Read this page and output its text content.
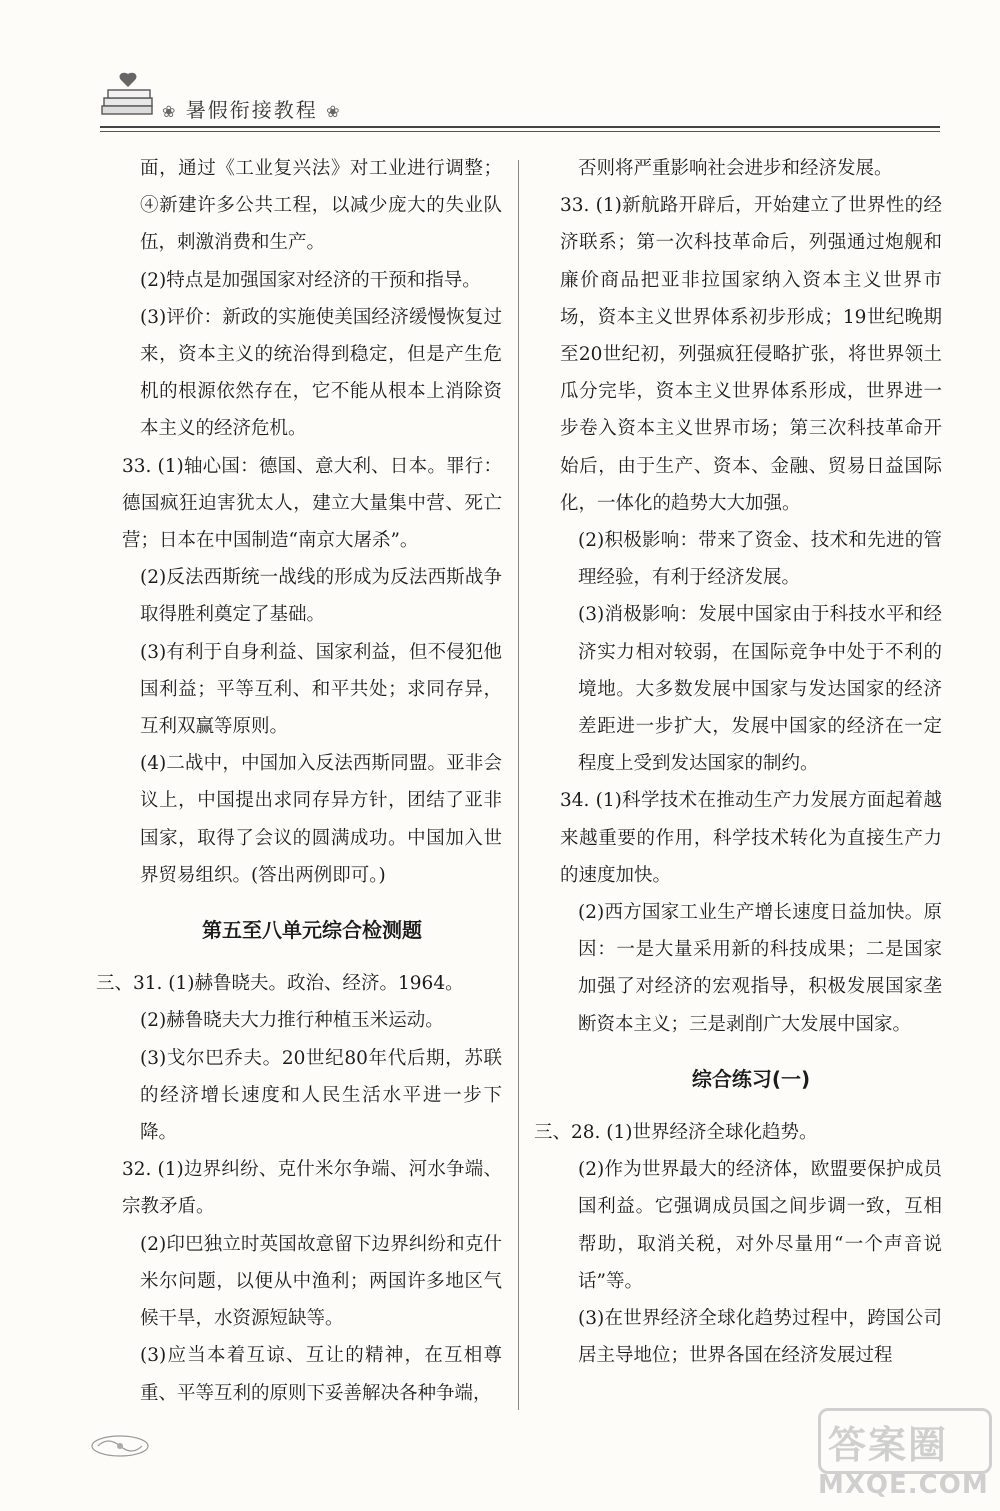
❀ 暑假衔接教程 ❀

面，通过《工业复兴法》对工业进行调整；④新建许多公共工程，以减少庞大的失业队伍，刺激消费和生产。

(2)特点是加强国家对经济的干预和指导。

(3)评价：新政的实施使美国经济缓慢恢复过来，资本主义的统治得到稳定，但是产生危机的根源依然存在，它不能从根本上消除资本主义的经济危机。

33. (1)轴心国：德国、意大利、日本。罪行：德国疯狂迫害犹太人，建立大量集中营、死亡营；日本在中国制造“南京大屠杀”。

(2)反法西斯统一战线的形成为反法西斯战争取得胜利奠定了基础。

(3)有利于自身利益、国家利益，但不侵犯他国利益；平等互利、和平共处；求同存异，互利双赢等原则。

(4)二战中，中国加入反法西斯同盟。亚非会议上，中国提出求同存异方针，团结了亚非国家，取得了会议的圆满成功。中国加入世界贸易组织。(答出两例即可。)

第五至八单元综合检测题

三、31. (1)赫鲁晓夫。政治、经济。1964。

(2)赫鲁晓夫大力推行种植玉米运动。

(3)戈尔巴乔夫。20世纪80年代后期，苏联的经济增长速度和人民生活水平进一步下降。

32. (1)边界纠纷、克什米尔争端、河水争端、宗教矛盾。

(2)印巴独立时英国故意留下边界纠纷和克什米尔问题，以便从中渔利；两国许多地区气候干旱，水资源短缺等。

(3)应当本着互谅、互让的精神，在互相尊重、平等互利的原则下妥善解决各种争端，

否则将严重影响社会进步和经济发展。

33. (1)新航路开辟后，开始建立了世界性的经济联系；第一次科技革命后，列强通过炮舰和廉价商品把亚非拉国家纳入资本主义世界市场，资本主义世界体系初步形成；19世纪晚期至20世纪初，列强疯狂侵略扩张，将世界领土瓜分完毕，资本主义世界体系形成，世界进一步卷入资本主义世界市场；第三次科技革命开始后，由于生产、资本、金融、贸易日益国际化，一体化的趋势大大加强。

(2)积极影响：带来了资金、技术和先进的管理经验，有利于经济发展。

(3)消极影响：发展中国家由于科技水平和经济实力相对较弱，在国际竞争中处于不利的境地。大多数发展中国家与发达国家的经济差距进一步扩大，发展中国家的经济在一定程度上受到发达国家的制约。

34. (1)科学技术在推动生产力发展方面起着越来越重要的作用，科学技术转化为直接生产力的速度加快。

(2)西方国家工业生产增长速度日益加快。原因：一是大量采用新的科技成果；二是国家加强了对经济的宏观指导，积极发展国家垄断资本主义；三是剥削广大发展中国家。

综合练习(一)

三、28. (1)世界经济全球化趋势。

(2)作为世界最大的经济体，欧盟要保护成员国利益。它强调成员国之间步调一致，互相帮助，取消关税，对外尽量用“一个声音说话”等。

(3)在世界经济全球化趋势过程中，跨国公司居主导地位；世界各国在经济发展过程

答案圈
MXQE.COM
